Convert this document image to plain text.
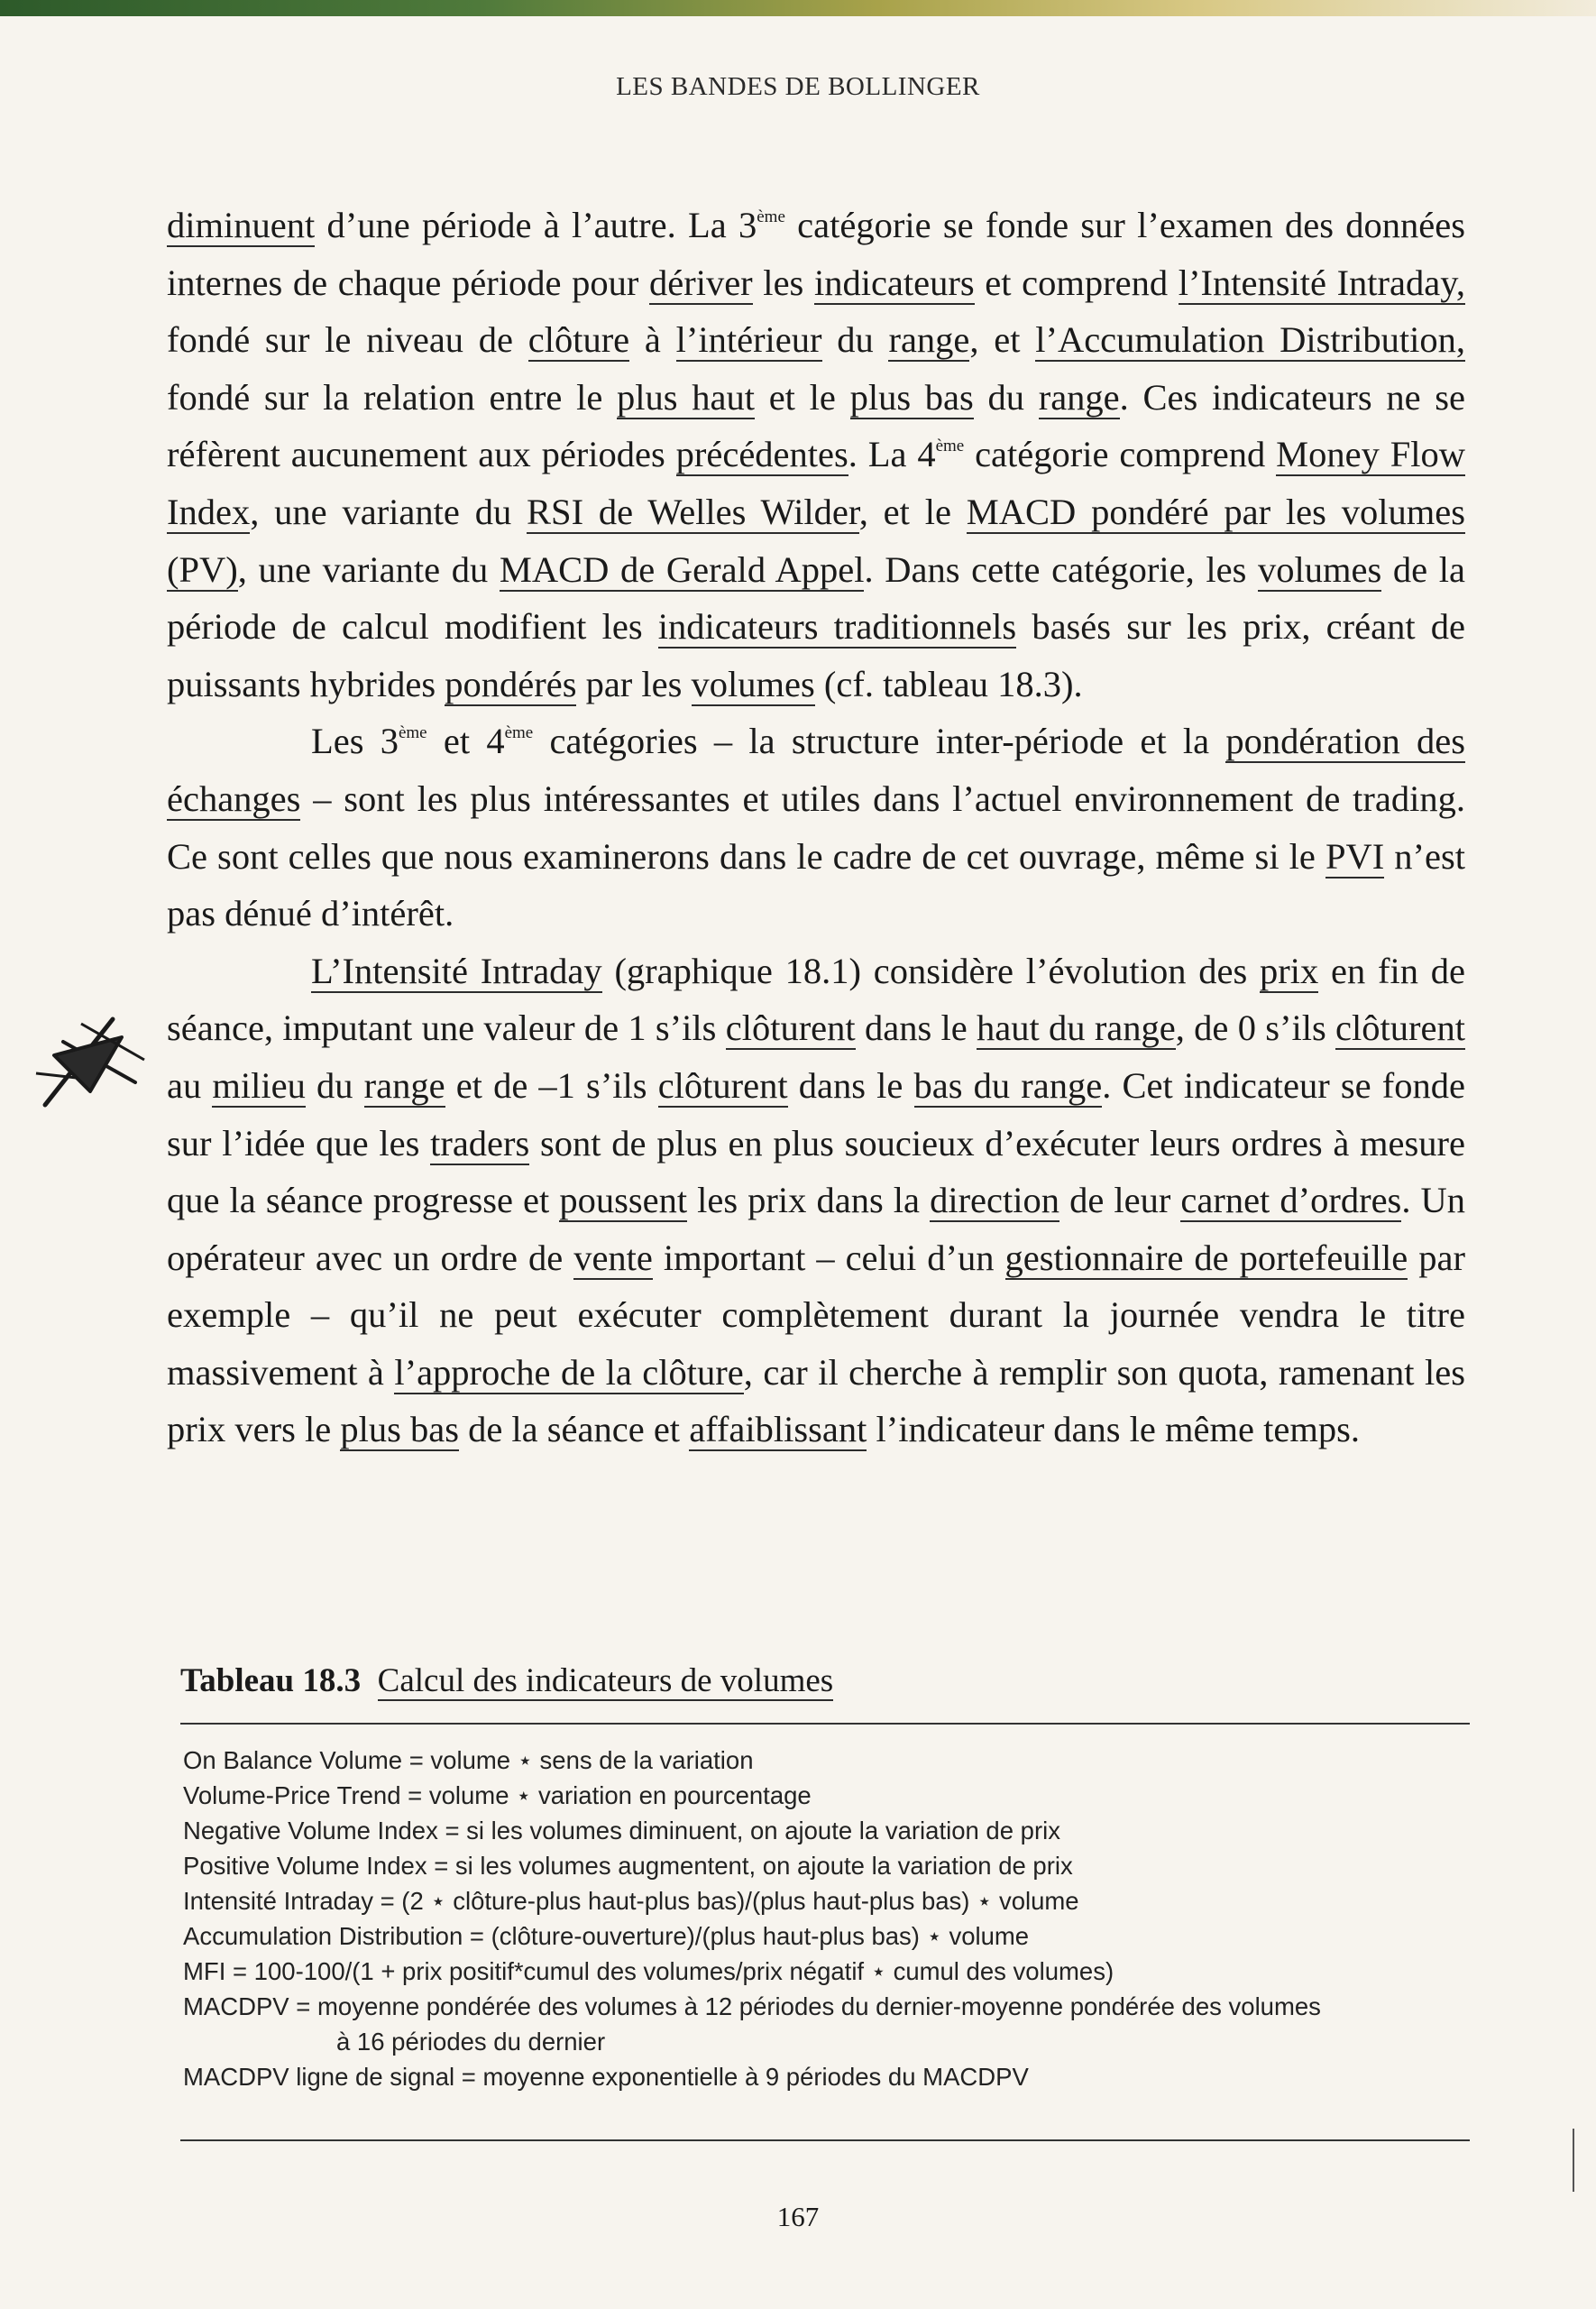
LES BANDES DE BOLLINGER

diminuent d’une période à l’autre. La 3ème catégorie se fonde sur l’examen des données internes de chaque période pour dériver les indicateurs et comprend l’Intensité Intraday, fondé sur le niveau de clôture à l’intérieur du range, et l’Accumulation Distribution, fondé sur la relation entre le plus haut et le plus bas du range. Ces indicateurs ne se réfèrent aucunement aux périodes précédentes. La 4ème catégorie comprend Money Flow Index, une variante du RSI de Welles Wilder, et le MACD pondéré par les volumes (PV), une variante du MACD de Gerald Appel. Dans cette catégorie, les volumes de la période de calcul modifient les indicateurs traditionnels basés sur les prix, créant de puissants hybrides pondérés par les volumes (cf. tableau 18.3).

Les 3ème et 4ème catégories – la structure inter-période et la pondération des échanges – sont les plus intéressantes et utiles dans l’actuel environnement de trading. Ce sont celles que nous examinerons dans le cadre de cet ouvrage, même si le PVI n’est pas dénué d’intérêt.

L’Intensité Intraday (graphique 18.1) considère l’évolution des prix en fin de séance, imputant une valeur de 1 s’ils clôturent dans le haut du range, de 0 s’ils clôturent au milieu du range et de –1 s’ils clôturent dans le bas du range. Cet indicateur se fonde sur l’idée que les traders sont de plus en plus soucieux d’exécuter leurs ordres à mesure que la séance progresse et poussent les prix dans la direction de leur carnet d’ordres. Un opérateur avec un ordre de vente important – celui d’un gestionnaire de portefeuille par exemple – qu’il ne peut exécuter complètement durant la journée vendra le titre massivement à l’approche de la clôture, car il cherche à remplir son quota, ramenant les prix vers le plus bas de la séance et affaiblissant l’indicateur dans le même temps.

Tableau 18.3 Calcul des indicateurs de volumes
On Balance Volume = volume ⋆ sens de la variation
Volume-Price Trend = volume ⋆ variation en pourcentage
Negative Volume Index = si les volumes diminuent, on ajoute la variation de prix
Positive Volume Index = si les volumes augmentent, on ajoute la variation de prix
Intensité Intraday = (2 ⋆ clôture-plus haut-plus bas)/(plus haut-plus bas) ⋆ volume
Accumulation Distribution = (clôture-ouverture)/(plus haut-plus bas) ⋆ volume
MFI = 100-100/(1 + prix positif*cumul des volumes/prix négatif ⋆ cumul des volumes)
MACDPV = moyenne pondérée des volumes à 12 périodes du dernier-moyenne pondérée des volumes
à 16 périodes du dernier
MACDPV ligne de signal = moyenne exponentielle à 9 périodes du MACDPV
167
